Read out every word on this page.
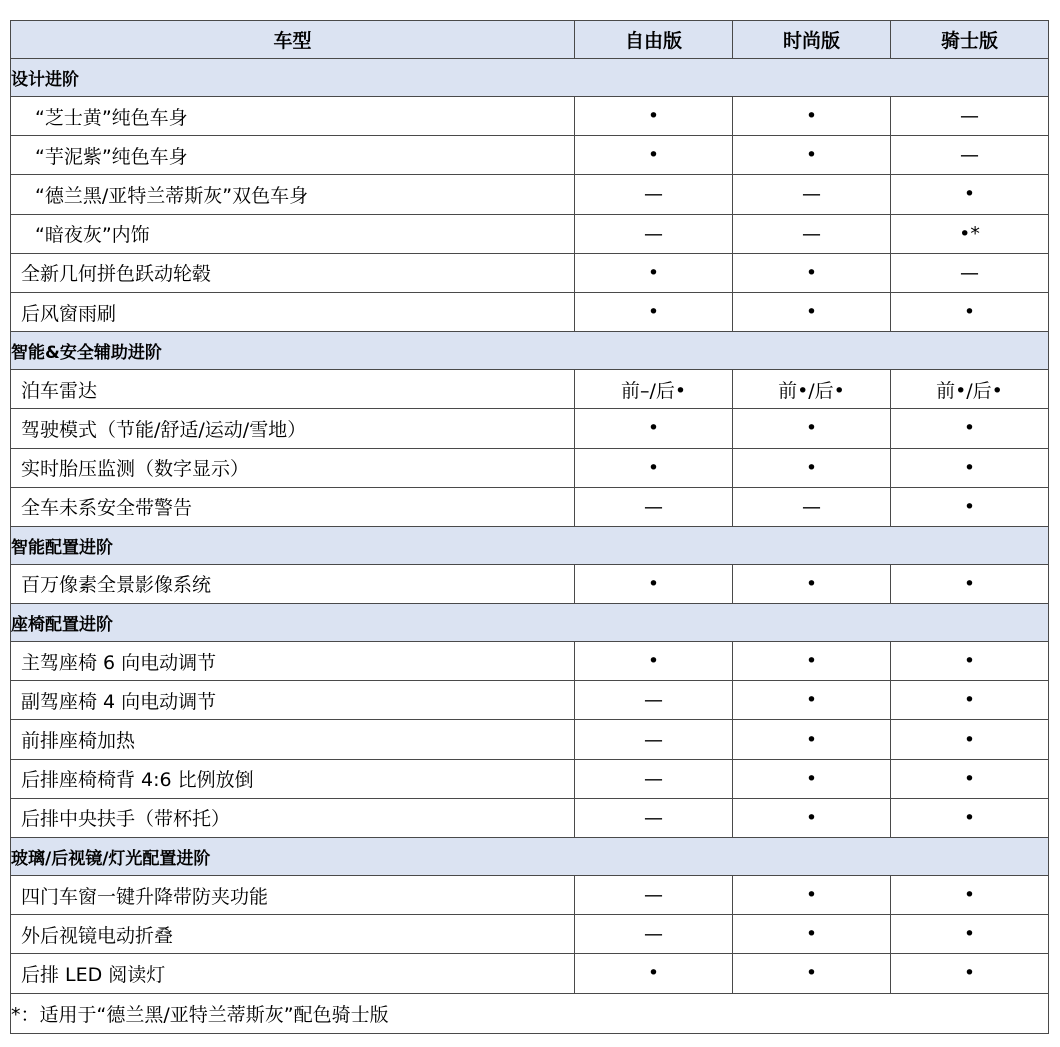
车型	自由版	时尚版	骑士版
设计进阶			
“芝士黄”纯色车身	•	•	—
“芋泥紫”纯色车身	•	•	—
“德兰黑/亚特兰蒂斯灰”双色车身	—	—	•
“暗夜灰”内饰	—	—	•*
全新几何拼色跃动轮毂	•	•	—
后风窗雨刷	•	•	•
智能&安全辅助进阶			
泊车雷达	前–/后•	前•/后•	前•/后•
驾驶模式（节能/舒适/运动/雪地）	•	•	•
实时胎压监测（数字显示）	•	•	•
全车未系安全带警告	—	—	•
智能配置进阶			
百万像素全景影像系统	•	•	•
座椅配置进阶			
主驾座椅 6 向电动调节	•	•	•
副驾座椅 4 向电动调节	—	•	•
前排座椅加热	—	•	•
后排座椅椅背 4:6 比例放倒	—	•	•
后排中央扶手（带杯托）	—	•	•
玻璃/后视镜/灯光配置进阶			
四门车窗一键升降带防夹功能	—	•	•
外后视镜电动折叠	—	•	•
后排 LED 阅读灯	•	•	•
*：适用于“德兰黑/亚特兰蒂斯灰”配色骑士版			
